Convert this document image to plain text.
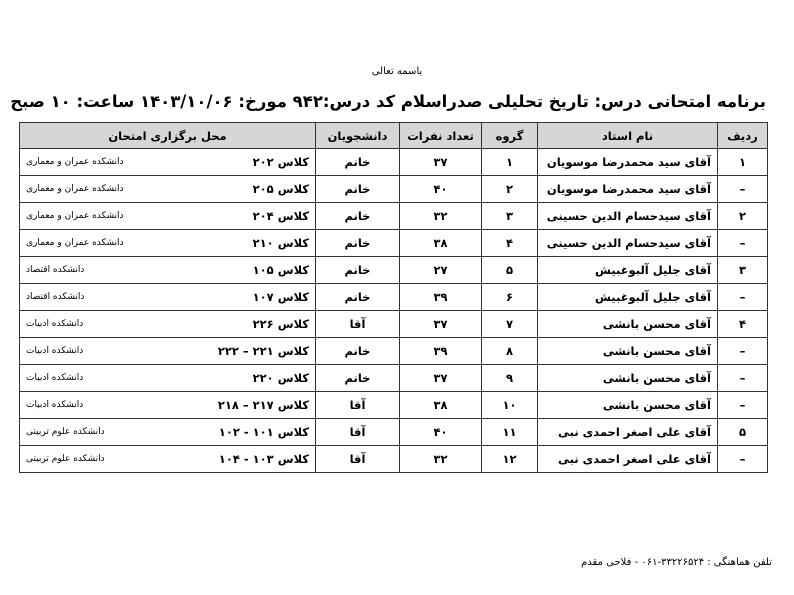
باسمه تعالی
برنامه امتحانی درس: تاریخ تحلیلی صدراسلام کد درس:۹۴۲ مورخ: ۱۴۰۳/۱۰/۰۶ ساعت: ۱۰ صبح
ردیف	نام استاد	گروه	تعداد نفرات	دانشجویان	محل برگزاری امتحان
۱	آقای سید محمدرضا موسویان	۱	۳۷	خانم	دانشکده عمران و معماری کلاس ۲۰۲

–	آقای سید محمدرضا موسویان	۲	۴۰	خانم	دانشکده عمران و معماری کلاس ۲۰۵

۲	آقای سیدحسام الدین حسینی	۳	۳۲	خانم	دانشکده عمران و معماری کلاس ۲۰۴

–	آقای سیدحسام الدین حسینی	۴	۳۸	خانم	دانشکده عمران و معماری کلاس ۲۱۰

۳	آقای جلیل آلبوغبیش	۵	۲۷	خانم	دانشکده اقتصاد کلاس ۱۰۵

–	آقای جلیل آلبوغبیش	۶	۳۹	خانم	دانشکده اقتصاد کلاس ۱۰۷

۴	آقای محسن بانشی	۷	۳۷	آقا	دانشکده ادبیات کلاس ۲۲۶

–	آقای محسن بانشی	۸	۳۹	خانم	دانشکده ادبیات کلاس ۲۲۱ – ۲۲۲

–	آقای محسن بانشی	۹	۳۷	خانم	دانشکده ادبیات کلاس ۲۲۰

–	آقای محسن بانشی	۱۰	۳۸	آقا	دانشکده ادبیات کلاس ۲۱۷ – ۲۱۸

۵	آقای علی اصغر احمدی نبی	۱۱	۴۰	آقا	دانشکده علوم تربیتی کلاس ۱۰۱ - ۱۰۲

–	آقای علی اصغر احمدی نبی	۱۲	۳۲	آقا	دانشکده علوم تربیتی کلاس ۱۰۳ - ۱۰۴
تلفن هماهنگی : ۳۳۲۲۶۵۲۴-۰۶۱ - فلاحی مقدم
